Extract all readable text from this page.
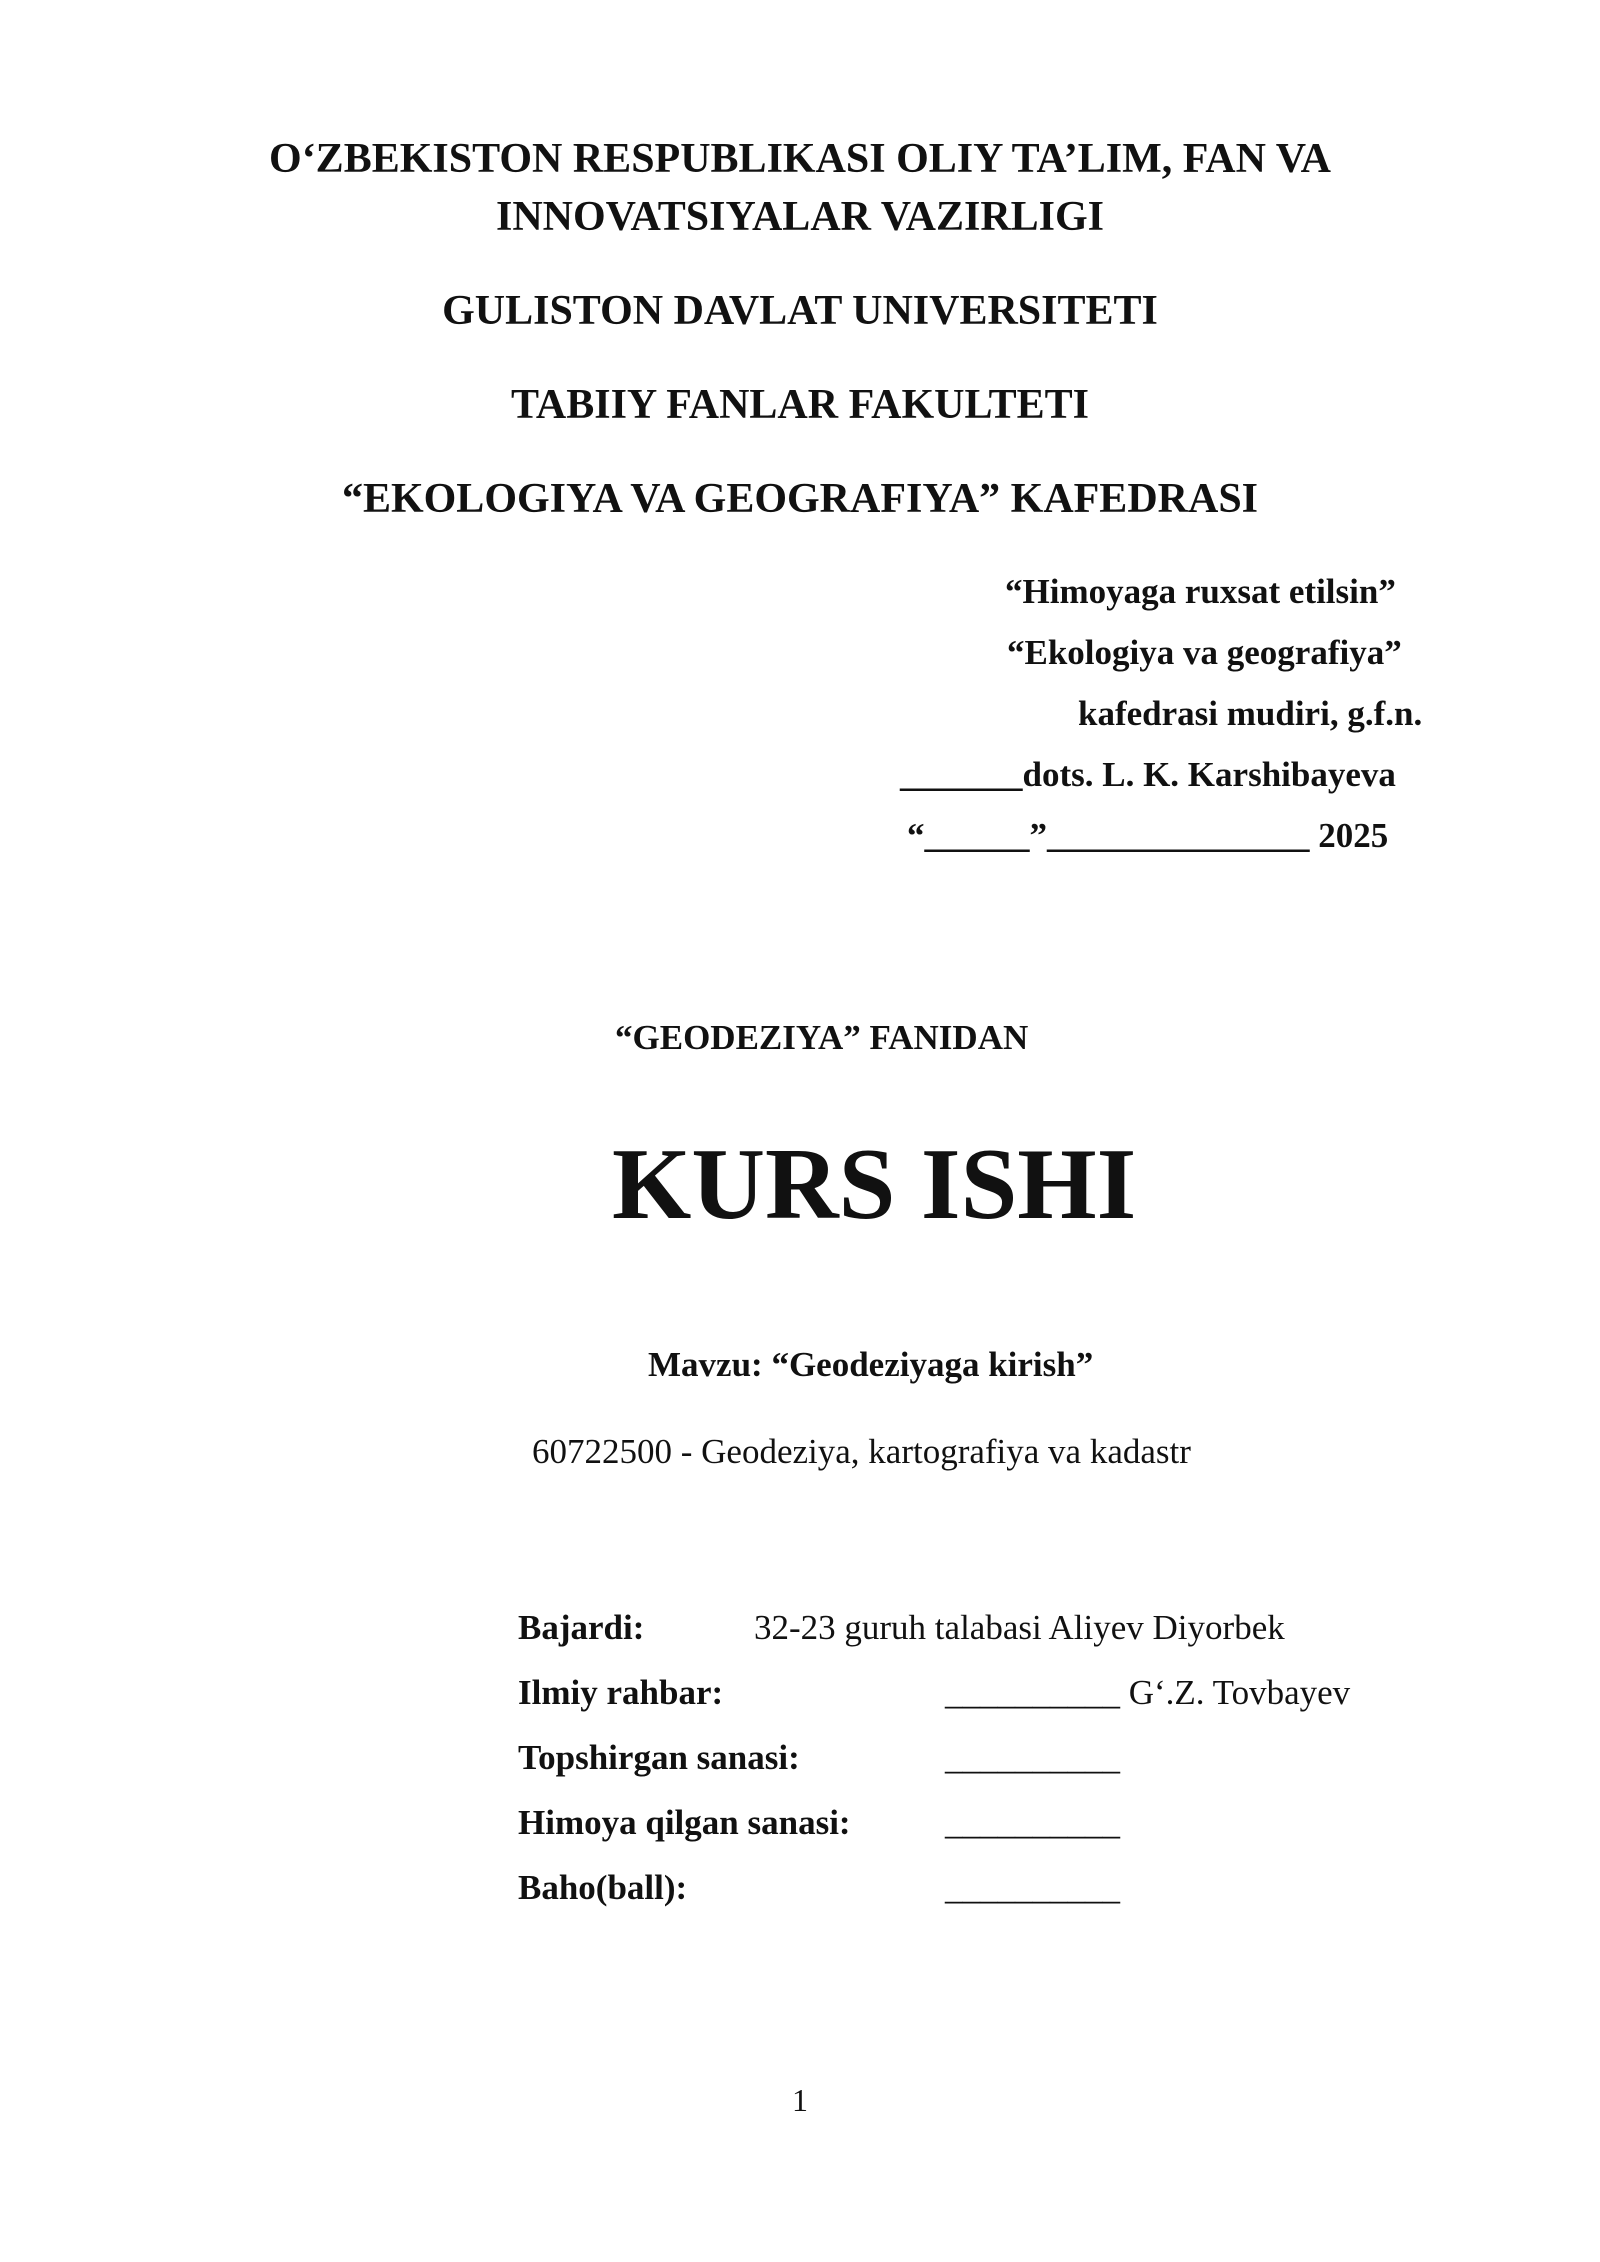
O‘ZBEKISTON RESPUBLIKASI OLIY TA’LIM, FAN VA
INNOVATSIYALAR VAZIRLIGI
GULISTON DAVLAT UNIVERSITETI
TABIIY FANLAR FAKULTETI
“EKOLOGIYA VA GEOGRAFIYA” KAFEDRASI
“Himoyaga ruxsat etilsin”
“Ekologiya va geografiya”
kafedrasi mudiri, g.f.n.
_______dots. L. K. Karshibayeva
“______”_______________ 2025
“GEODEZIYA” FANIDAN
KURS ISHI
Mavzu: “Geodeziyaga kirish”
60722500 - Geodeziya, kartografiya va kadastr
Bajardi:	32-23 guruh talabasi Aliyev Diyorbek
Ilmiy rahbar:	__________ G‘.Z. Tovbayev
Topshirgan sanasi:	__________
Himoya qilgan sanasi:	__________
Baho(ball):	__________
1
